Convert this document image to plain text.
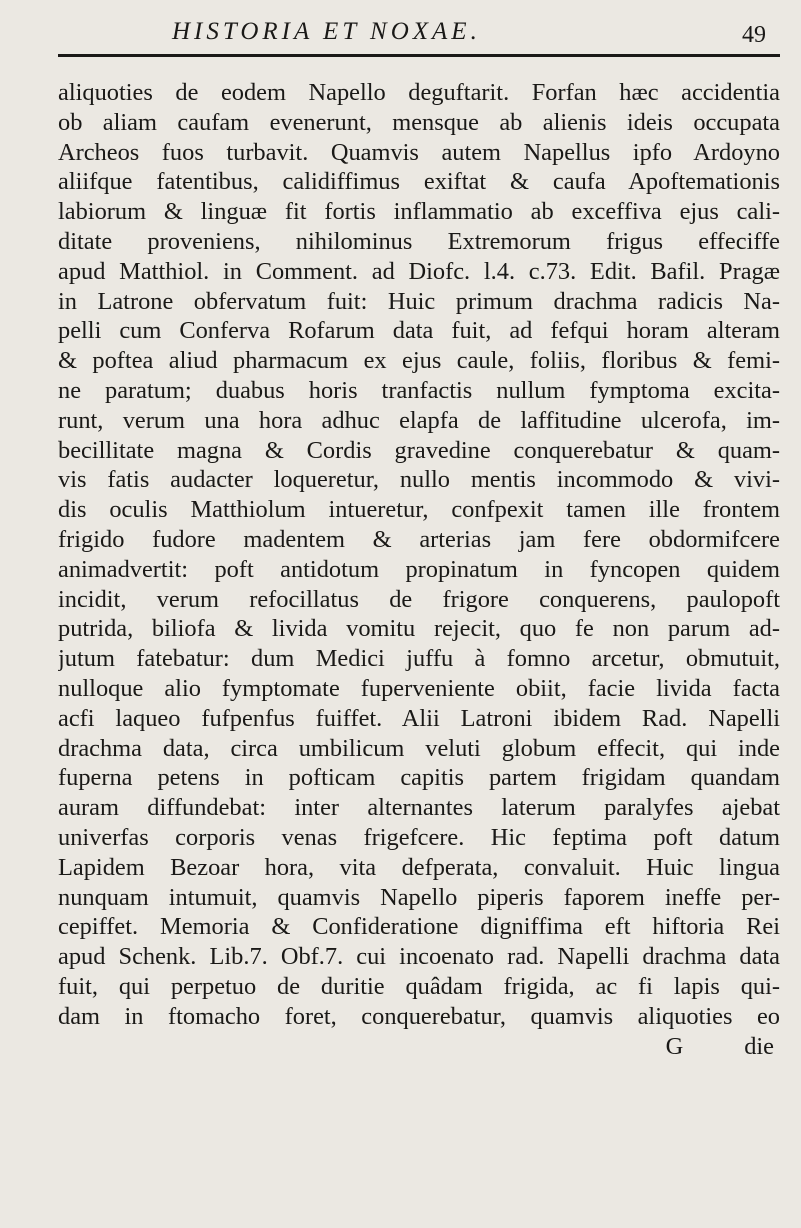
HISTORIA ET NOXAE.	49
aliquoties de eodem Napello deguftarit. Forfan hæc accidentia
ob aliam caufam evenerunt, mensque ab alienis ideis occupata
Archeos fuos turbavit. Quamvis autem Napellus ipfo Ardoyno
aliifque fatentibus, calidiffimus exiftat & caufa Apoftemationis
labiorum & linguæ fit fortis inflammatio ab exceffiva ejus cali-
ditate proveniens, nihilominus Extremorum frigus effeciffe
apud Matthiol. in Comment. ad Diofc. l.4. c.73. Edit. Bafil. Pragæ
in Latrone obfervatum fuit: Huic primum drachma radicis Na-
pelli cum Conferva Rofarum data fuit, ad fefqui horam alteram
& poftea aliud pharmacum ex ejus caule, foliis, floribus & femi-
ne paratum; duabus horis tranfactis nullum fymptoma excita-
runt, verum una hora adhuc elapfa de laffitudine ulcerofa, im-
becillitate magna & Cordis gravedine conquerebatur & quam-
vis fatis audacter loqueretur, nullo mentis incommodo & vivi-
dis oculis Matthiolum intueretur, confpexit tamen ille frontem
frigido fudore madentem & arterias jam fere obdormifcere
animadvertit: poft antidotum propinatum in fyncopen quidem
incidit, verum refocillatus de frigore conquerens, paulopoft
putrida, biliofa & livida vomitu rejecit, quo fe non parum ad-
jutum fatebatur: dum Medici juffu à fomno arcetur, obmutuit,
nulloque alio fymptomate fuperveniente obiit, facie livida facta
acfi laqueo fufpenfus fuiffet. Alii Latroni ibidem Rad. Napelli
drachma data, circa umbilicum veluti globum effecit, qui inde
fuperna petens in pofticam capitis partem frigidam quandam
auram diffundebat: inter alternantes laterum paralyfes ajebat
univerfas corporis venas frigefcere. Hic feptima poft datum
Lapidem Bezoar hora, vita defperata, convaluit. Huic lingua
nunquam intumuit, quamvis Napello piperis faporem ineffe per-
cepiffet. Memoria & Confideratione digniffima eft hiftoria Rei
apud Schenk. Lib.7. Obf.7. cui incoenato rad. Napelli drachma data
fuit, qui perpetuo de duritie quâdam frigida, ac fi lapis qui-
dam in ftomacho foret, conquerebatur, quamvis aliquoties eo
G          die
